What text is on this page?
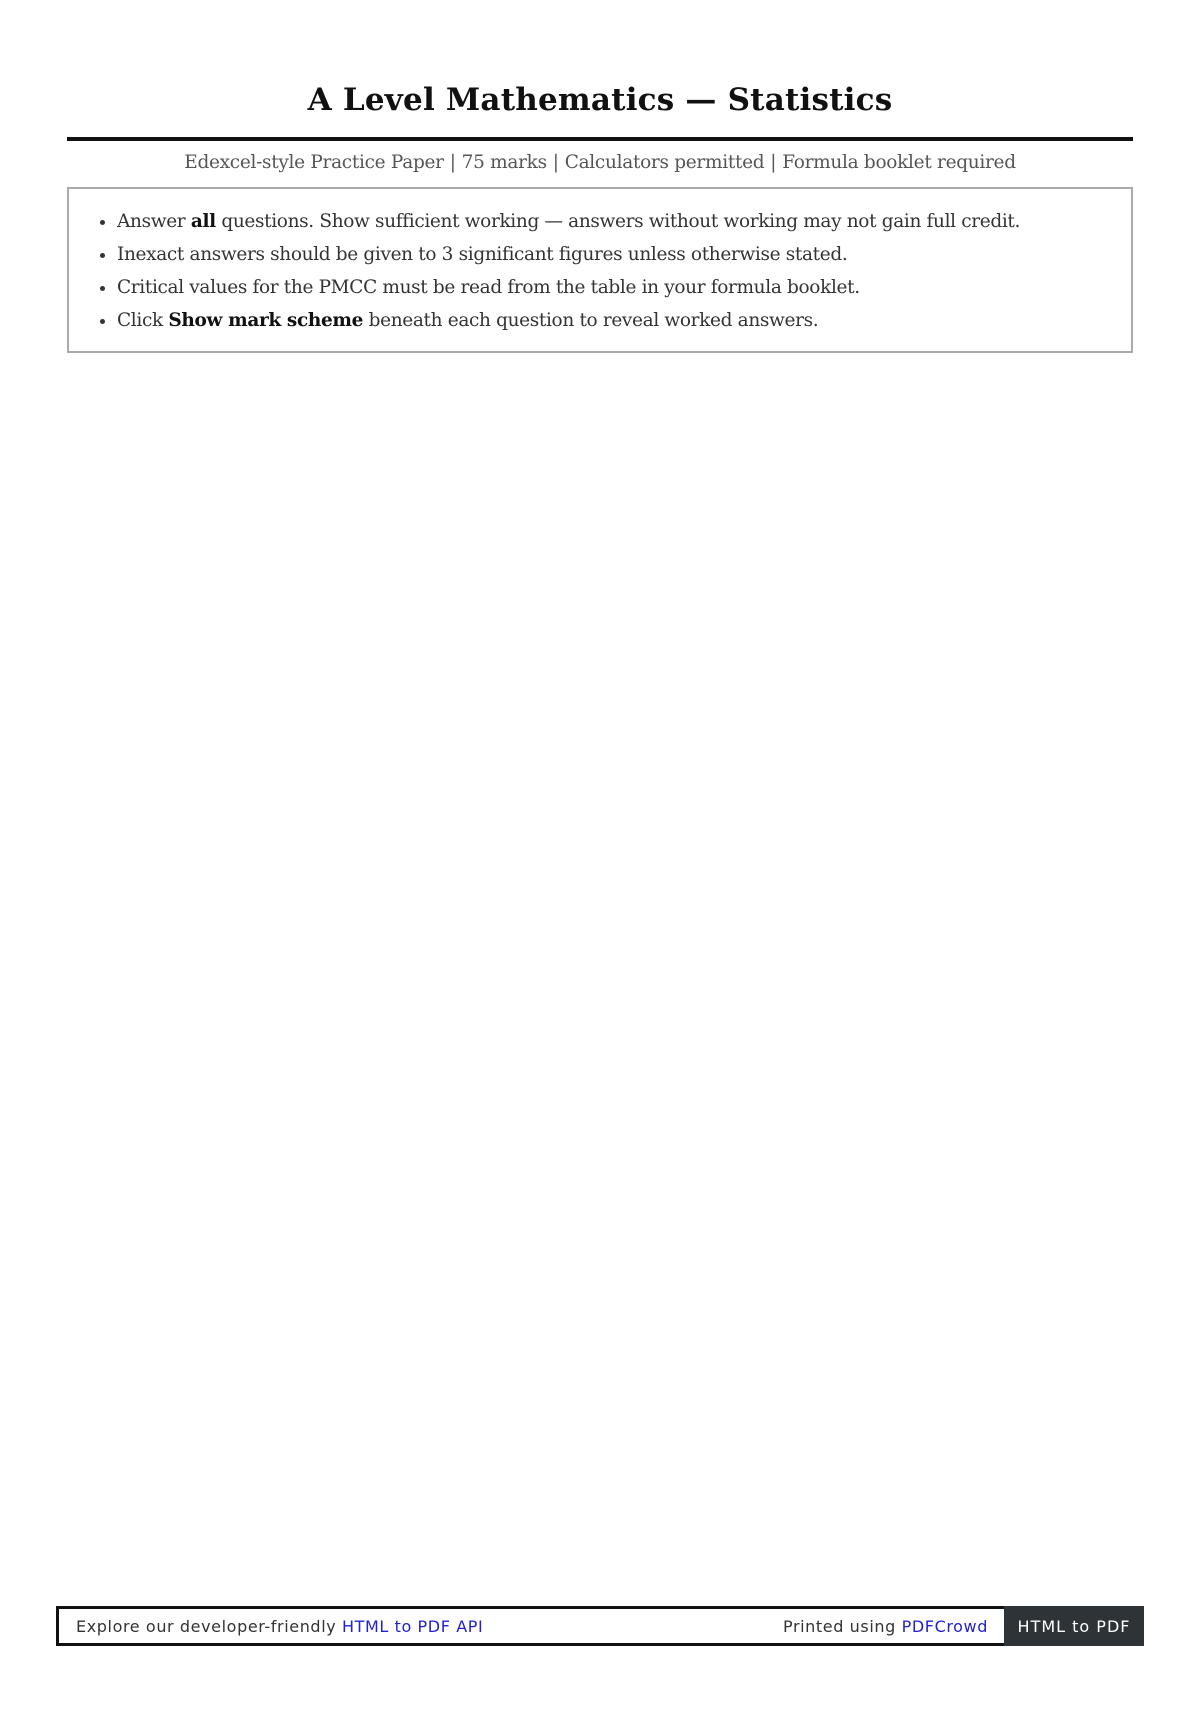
A Level Mathematics — Statistics
Edexcel-style Practice Paper | 75 marks | Calculators permitted | Formula booklet required
• Answer all questions. Show sufficient working — answers without working may not gain full credit.
• Inexact answers should be given to 3 significant figures unless otherwise stated.
• Critical values for the PMCC must be read from the table in your formula booklet.
• Click Show mark scheme beneath each question to reveal worked answers.
Explore our developer-friendly HTML to PDF API	Printed using PDFCrowd	HTML to PDF
